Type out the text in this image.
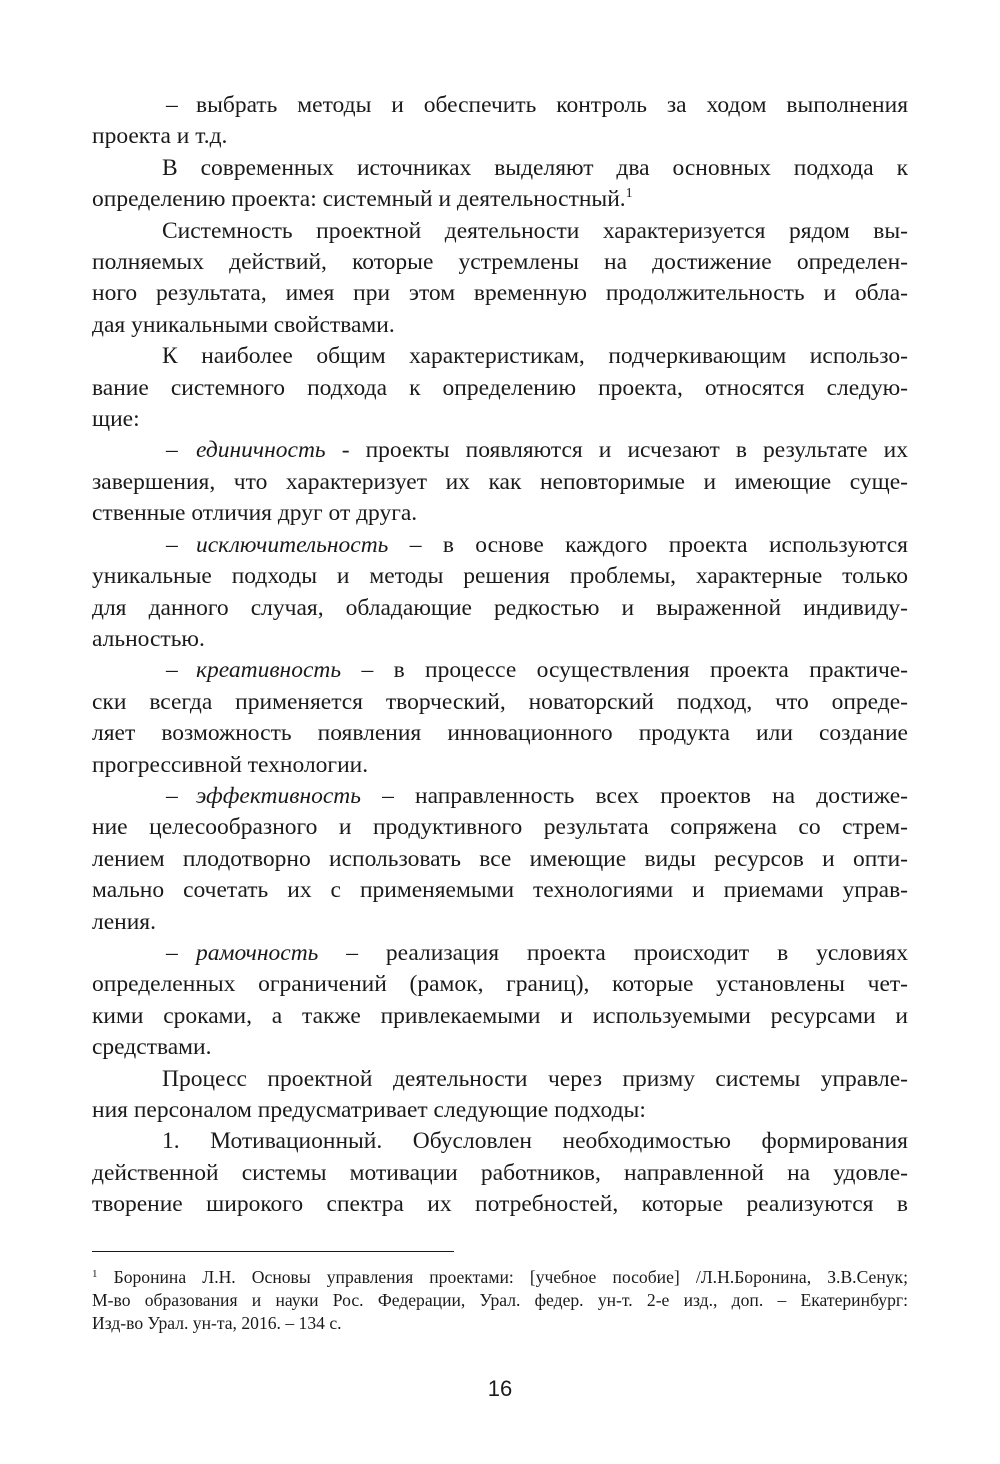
– выбрать методы и обеспечить контроль за ходом выполнения
проекта и т.д.
В современных источниках выделяют два основных подхода к
определению проекта: системный и деятельностный.$^1$
Системность проектной деятельности характеризуется рядом вы-
полняемых действий, которые устремлены на достижение определен-
ного результата, имея при этом временную продолжительность и обла-
дая уникальными свойствами.
К наиболее общим характеристикам, подчеркивающим использо-
вание системного подхода к определению проекта, относятся следую-
щие:
– единичность - проекты появляются и исчезают в результате их
завершения, что характеризует их как неповторимые и имеющие суще-
ственные отличия друг от друга.
– исключительность – в основе каждого проекта используются
уникальные подходы и методы решения проблемы, характерные только
для данного случая, обладающие редкостью и выраженной индивиду-
альностью.
– креативность – в процессе осуществления проекта практиче-
ски всегда применяется творческий, новаторский подход, что опреде-
ляет возможность появления инновационного продукта или создание
прогрессивной технологии.
– эффективность – направленность всех проектов на достиже-
ние целесообразного и продуктивного результата сопряжена со стрем-
лением плодотворно использовать все имеющие виды ресурсов и опти-
мально сочетать их с применяемыми технологиями и приемами управ-
ления.
– рамочность – реализация проекта происходит в условиях
определенных ограничений (рамок, границ), которые установлены чет-
кими сроками, а также привлекаемыми и используемыми ресурсами и
средствами.
Процесс проектной деятельности через призму системы управле-
ния персоналом предусматривает следующие подходы:
1. Мотивационный. Обусловлен необходимостью формирования
действенной системы мотивации работников, направленной на удовле-
творение широкого спектра их потребностей, которые реализуются в
$^1$ Боронина Л.Н. Основы управления проектами: [учебное пособие] /Л.Н.Боронина, З.В.Сенук;
М-во образования и науки Рос. Федерации, Урал. федер. ун-т. 2-е изд., доп. – Екатеринбург:
Изд-во Урал. ун-та, 2016. – 134 с.
16
